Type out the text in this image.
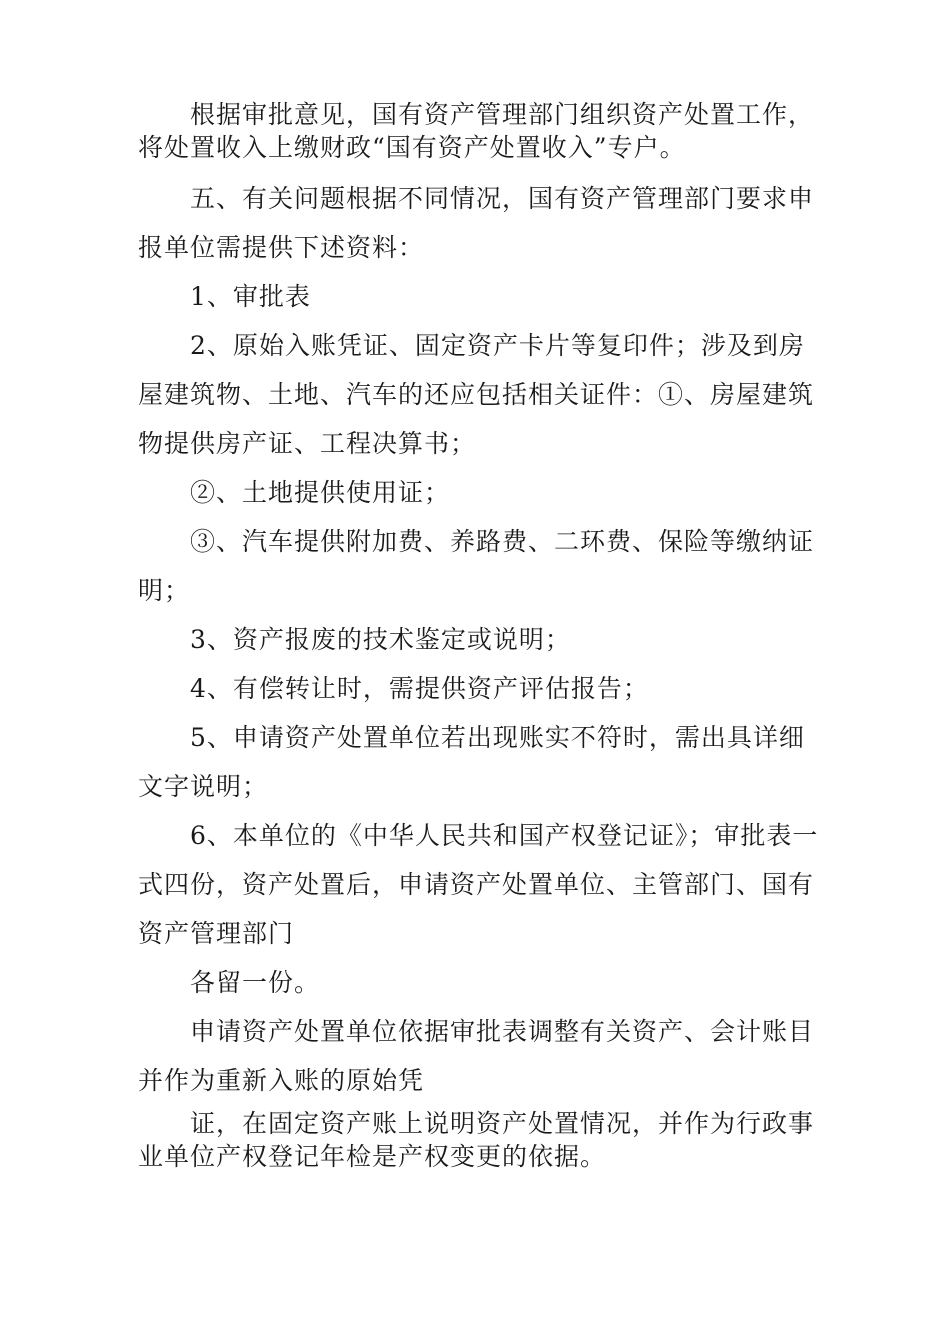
根据审批意见，国有资产管理部门组织资产处置工作，将处置收入上缴财政“国有资产处置收入”专户。

五、有关问题根据不同情况，国有资产管理部门要求申报单位需提供下述资料：

1、审批表

2、原始入账凭证、固定资产卡片等复印件；涉及到房屋建筑物、土地、汽车的还应包括相关证件：①、房屋建筑物提供房产证、工程决算书；

②、土地提供使用证；

③、汽车提供附加费、养路费、二环费、保险等缴纳证明；

3、资产报废的技术鉴定或说明；

4、有偿转让时，需提供资产评估报告；

5、申请资产处置单位若出现账实不符时，需出具详细文字说明；

6、本单位的《中华人民共和国产权登记证》；审批表一式四份，资产处置后，申请资产处置单位、主管部门、国有资产管理部门

各留一份。

申请资产处置单位依据审批表调整有关资产、会计账目并作为重新入账的原始凭

证，在固定资产账上说明资产处置情况，并作为行政事业单位产权登记年检是产权变更的依据。
